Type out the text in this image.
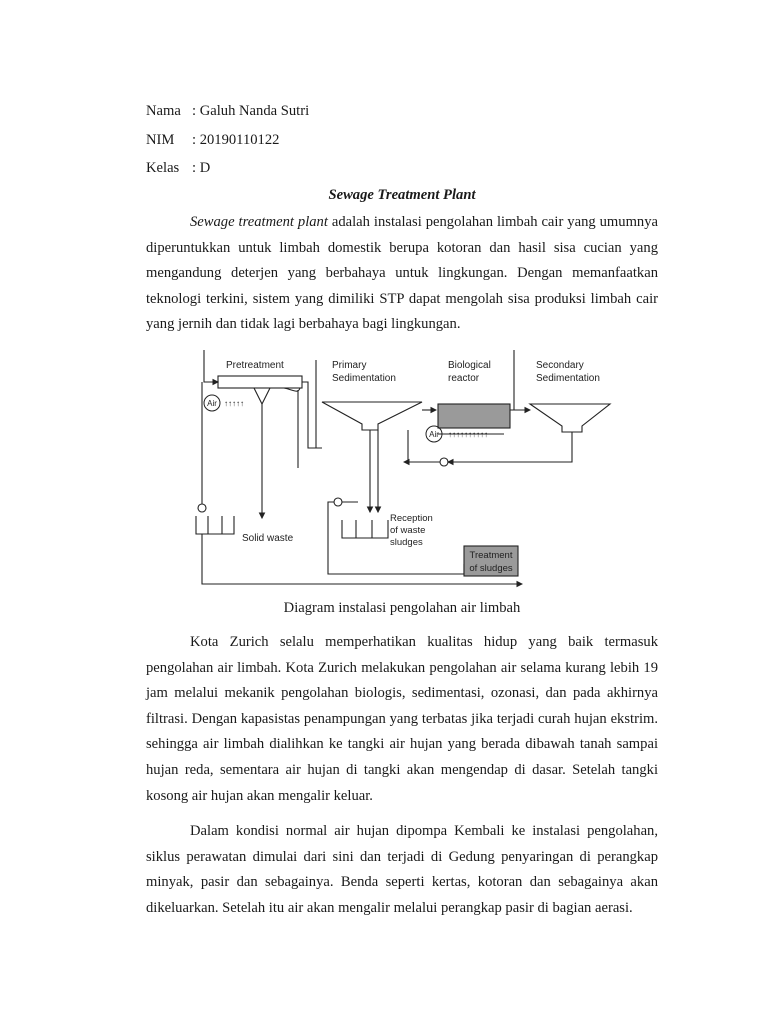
Nama : Galuh Nanda Sutri
NIM : 20190110122
Kelas : D
Sewage Treatment Plant

Sewage treatment plant adalah instalasi pengolahan limbah cair yang umumnya diperuntukkan untuk limbah domestik berupa kotoran dan hasil sisa cucian yang mengandung deterjen yang berbahaya untuk lingkungan. Dengan memanfaatkan teknologi terkini, sistem yang dimiliki STP dapat mengolah sisa produksi limbah cair yang jernih dan tidak lagi berbahaya bagi lingkungan.

Air ↑↑↑↑↑
Air ↑↑↑↑↑↑↑↑↑↑
Pretreatment	Primary
Sedimentation
Biological
reactor
Secondary
Sedimentation
Solid waste
Reception
of waste
sludges
Treatment
of sludges
Diagram instalasi pengolahan air limbah

Kota Zurich selalu memperhatikan kualitas hidup yang baik termasuk pengolahan air limbah. Kota Zurich melakukan pengolahan air selama kurang lebih 19 jam melalui mekanik pengolahan biologis, sedimentasi, ozonasi, dan pada akhirnya filtrasi. Dengan kapasistas penampungan yang terbatas jika terjadi curah hujan ekstrim. sehingga air limbah dialihkan ke tangki air hujan yang berada dibawah tanah sampai hujan reda, sementara air hujan di tangki akan mengendap di dasar. Setelah tangki kosong air hujan akan mengalir keluar.

Dalam kondisi normal air hujan dipompa Kembali ke instalasi pengolahan, siklus perawatan dimulai dari sini dan terjadi di Gedung penyaringan di perangkap minyak, pasir dan sebagainya. Benda seperti kertas, kotoran dan sebagainya akan dikeluarkan. Setelah itu air akan mengalir melalui perangkap pasir di bagian aerasi.
